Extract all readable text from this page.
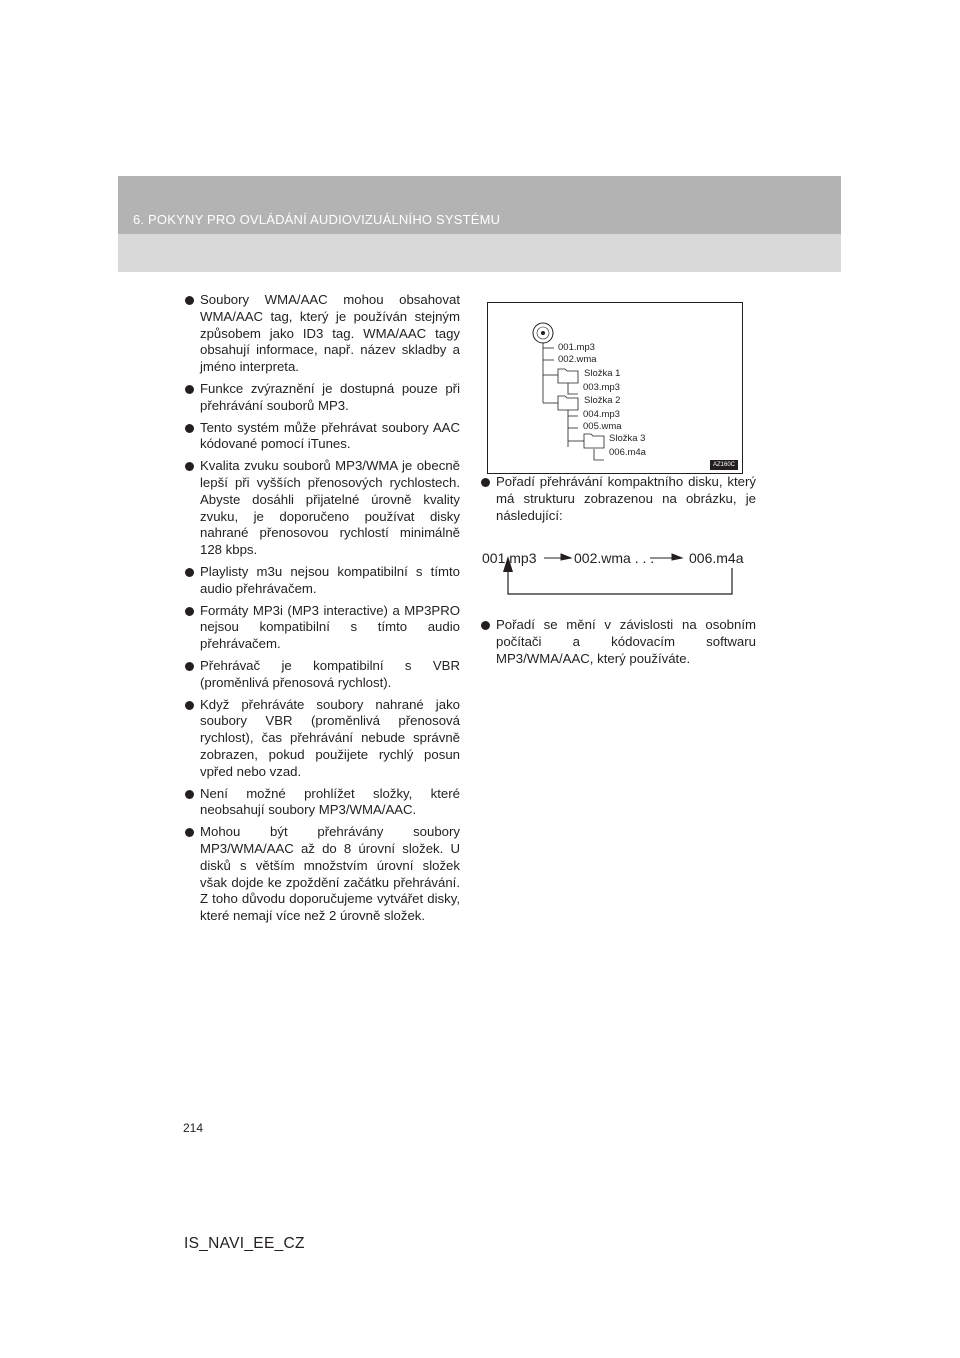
6. POKYNY PRO OVLÁDÁNÍ AUDIOVIZUÁLNÍHO SYSTÉMU
Soubory WMA/AAC mohou obsahovat WMA/AAC tag, který je používán stejným způsobem jako ID3 tag. WMA/AAC tagy obsahují informace, např. název skladby a jméno interpreta.
Funkce zvýraznění je dostupná pouze při přehrávání souborů MP3.
Tento systém může přehrávat soubory AAC kódované pomocí iTunes.
Kvalita zvuku souborů MP3/WMA je obecně lepší při vyšších přenosových rychlostech. Abyste dosáhli přijatelné úrovně kvality zvuku, je doporučeno používat disky nahrané přenosovou rychlostí minimálně 128 kbps.
Playlisty m3u nejsou kompatibilní s tímto audio přehrávačem.
Formáty MP3i (MP3 interactive) a MP3PRO nejsou kompatibilní s tímto audio přehrávačem.
Přehrávač je kompatibilní s VBR (proměnlivá přenosová rychlost).
Když přehráváte soubory nahrané jako soubory VBR (proměnlivá přenosová rychlost), čas přehrávání nebude správně zobrazen, pokud použijete rychlý posun vpřed nebo vzad.
Není možné prohlížet složky, které neobsahují soubory MP3/WMA/AAC.
Mohou být přehrávány soubory MP3/WMA/AAC až do 8 úrovní složek. U disků s větším množstvím úrovní složek však dojde ke zpoždění začátku přehrávání. Z toho důvodu doporučujeme vytvářet disky, které nemají více než 2 úrovně složek.
001.mp3
002.wma
Složka 1
003.mp3
Složka 2
004.mp3
005.wma
Složka 3
006.m4a
AZ160C
Pořadí přehrávání kompaktního disku, který má strukturu zobrazenou na obrázku, je následující:
001.mp3	002.wma . . . 006.m4a
Pořadí se mění v závislosti na osobním počítači a kódovacím softwaru MP3/WMA/AAC, který používáte.
214
IS_NAVI_EE_CZ
